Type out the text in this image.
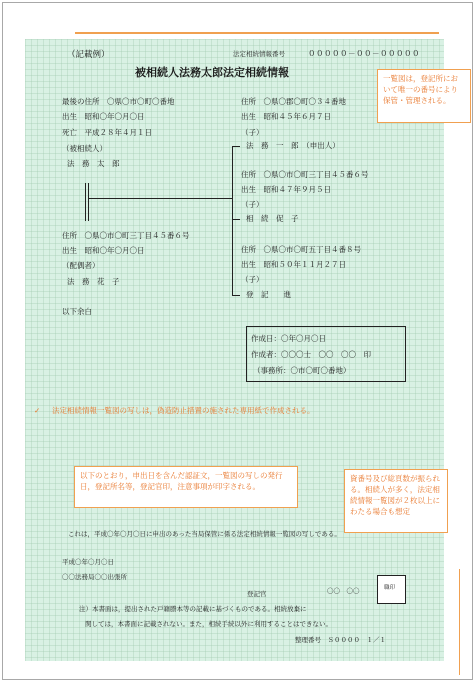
（記載例）	法定相続情報番号	０００００－００－０００００
被相続人法務太郎法定相続情報	一覧図は，登記所において唯一の番号により保管・管理される。
最後の住所　〇県〇市〇町〇番地
出生　昭和〇年〇月〇日
死亡　平成２８年４月１日
（被相続人）
法　務　太　郎
住所　〇県〇市〇町三丁目４５番６号
出生　昭和〇年〇月〇日
（配偶者）
法　務　花　子
住所　〇県〇郡〇町〇３４番地
出生　昭和４５年６月７日
（子）
法　務　一　郎　（申出人）
住所　〇県〇市〇町三丁目４５番６号
出生　昭和４７年９月５日
（子）
相　続　促　子
住所　〇県〇市〇町五丁目４番８号
出生　昭和５０年１１月２７日
（子）
登　記　　進
以下余白
作成日：〇年〇月〇日
作成者：〇〇〇士　〇〇　〇〇　印
（事務所：〇市〇町〇番地）
✓ 法定相続情報一覧図の写しは，偽造防止措置の施された専用紙で作成される。
以下のとおり，申出日を含んだ認証文，一覧図の写しの発行日，登記所名等，登記官印，注意事項が印字される。
資番号及び総頁数が振られる。相続人が多く，法定相続情報一覧図が２枚以上にわたる場合も想定
これは，平成〇年〇月〇日に申出のあった当局保管に係る法定相続情報一覧図の写しである。
平成〇年〇月〇日
〇〇法務局〇〇出張所
登記官	〇〇　〇〇	職印
注）本書面は，提出された戸籍謄本等の記載に基づくものである。相続放棄に
関しては，本書面に記載されない。また，相続手続以外に利用することはできない。
整理番号　Ｓ００００　１／１
